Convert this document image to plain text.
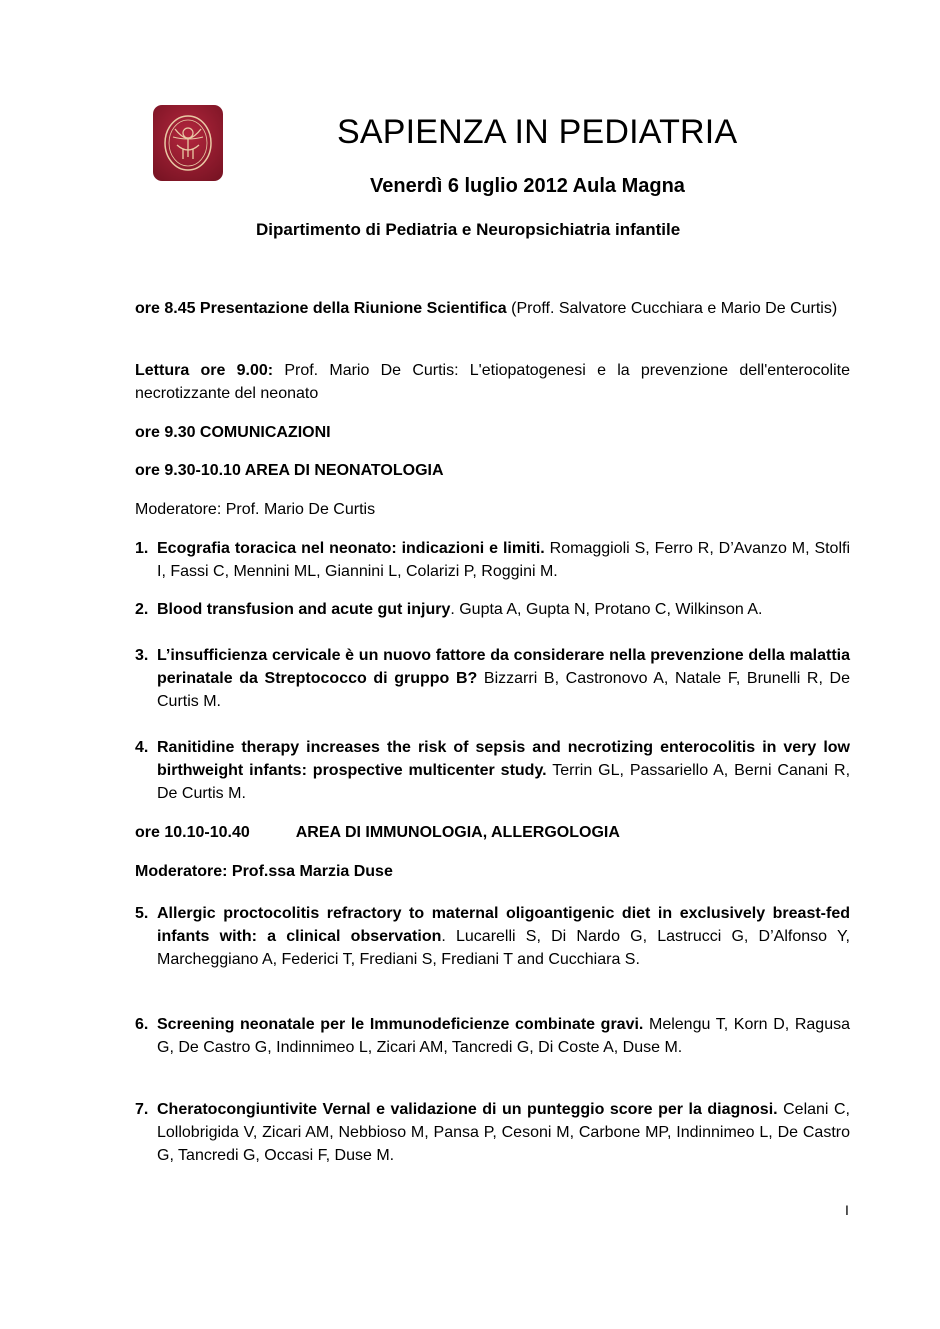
SAPIENZA IN PEDIATRIA
Venerdì 6 luglio 2012 Aula Magna
Dipartimento di Pediatria e Neuropsichiatria infantile

ore 8.45 Presentazione della Riunione Scientifica (Proff. Salvatore Cucchiara e Mario De Curtis)

Lettura ore 9.00: Prof. Mario De Curtis: L'etiopatogenesi e la prevenzione dell'enterocolite necrotizzante del neonato

ore 9.30 COMUNICAZIONI

ore 9.30-10.10 AREA DI NEONATOLOGIA

Moderatore: Prof. Mario De Curtis

1. Ecografia toracica nel neonato: indicazioni e limiti. Romaggioli S, Ferro R, D’Avanzo M, Stolfi I, Fassi C, Mennini ML, Giannini L, Colarizi P, Roggini M.
2. Blood transfusion and acute gut injury. Gupta A, Gupta N, Protano C, Wilkinson A.
3. L’insufficienza cervicale è un nuovo fattore da considerare nella prevenzione della malattia perinatale da Streptococco di gruppo B? Bizzarri B, Castronovo A, Natale F, Brunelli R, De Curtis M.
4. Ranitidine therapy increases the risk of sepsis and necrotizing enterocolitis in very low birthweight infants: prospective multicenter study. Terrin GL, Passariello A, Berni Canani R, De Curtis M.

ore 10.10-10.40	AREA DI IMMUNOLOGIA, ALLERGOLOGIA

Moderatore: Prof.ssa Marzia Duse

5. Allergic proctocolitis refractory to maternal oligoantigenic diet in exclusively breast-fed infants with: a clinical observation. Lucarelli S, Di Nardo G, Lastrucci G, D’Alfonso Y, Marcheggiano A, Federici T, Frediani S, Frediani T and Cucchiara S.
6. Screening neonatale per le Immunodeficienze combinate gravi. Melengu T, Korn D, Ragusa G, De Castro G, Indinnimeo L, Zicari AM, Tancredi G, Di Coste A, Duse M.
7. Cheratocongiuntivite Vernal e validazione di un punteggio score per la diagnosi. Celani C, Lollobrigida V, Zicari AM, Nebbioso M, Pansa P, Cesoni M, Carbone MP, Indinnimeo L, De Castro G, Tancredi G, Occasi F, Duse M.
I
